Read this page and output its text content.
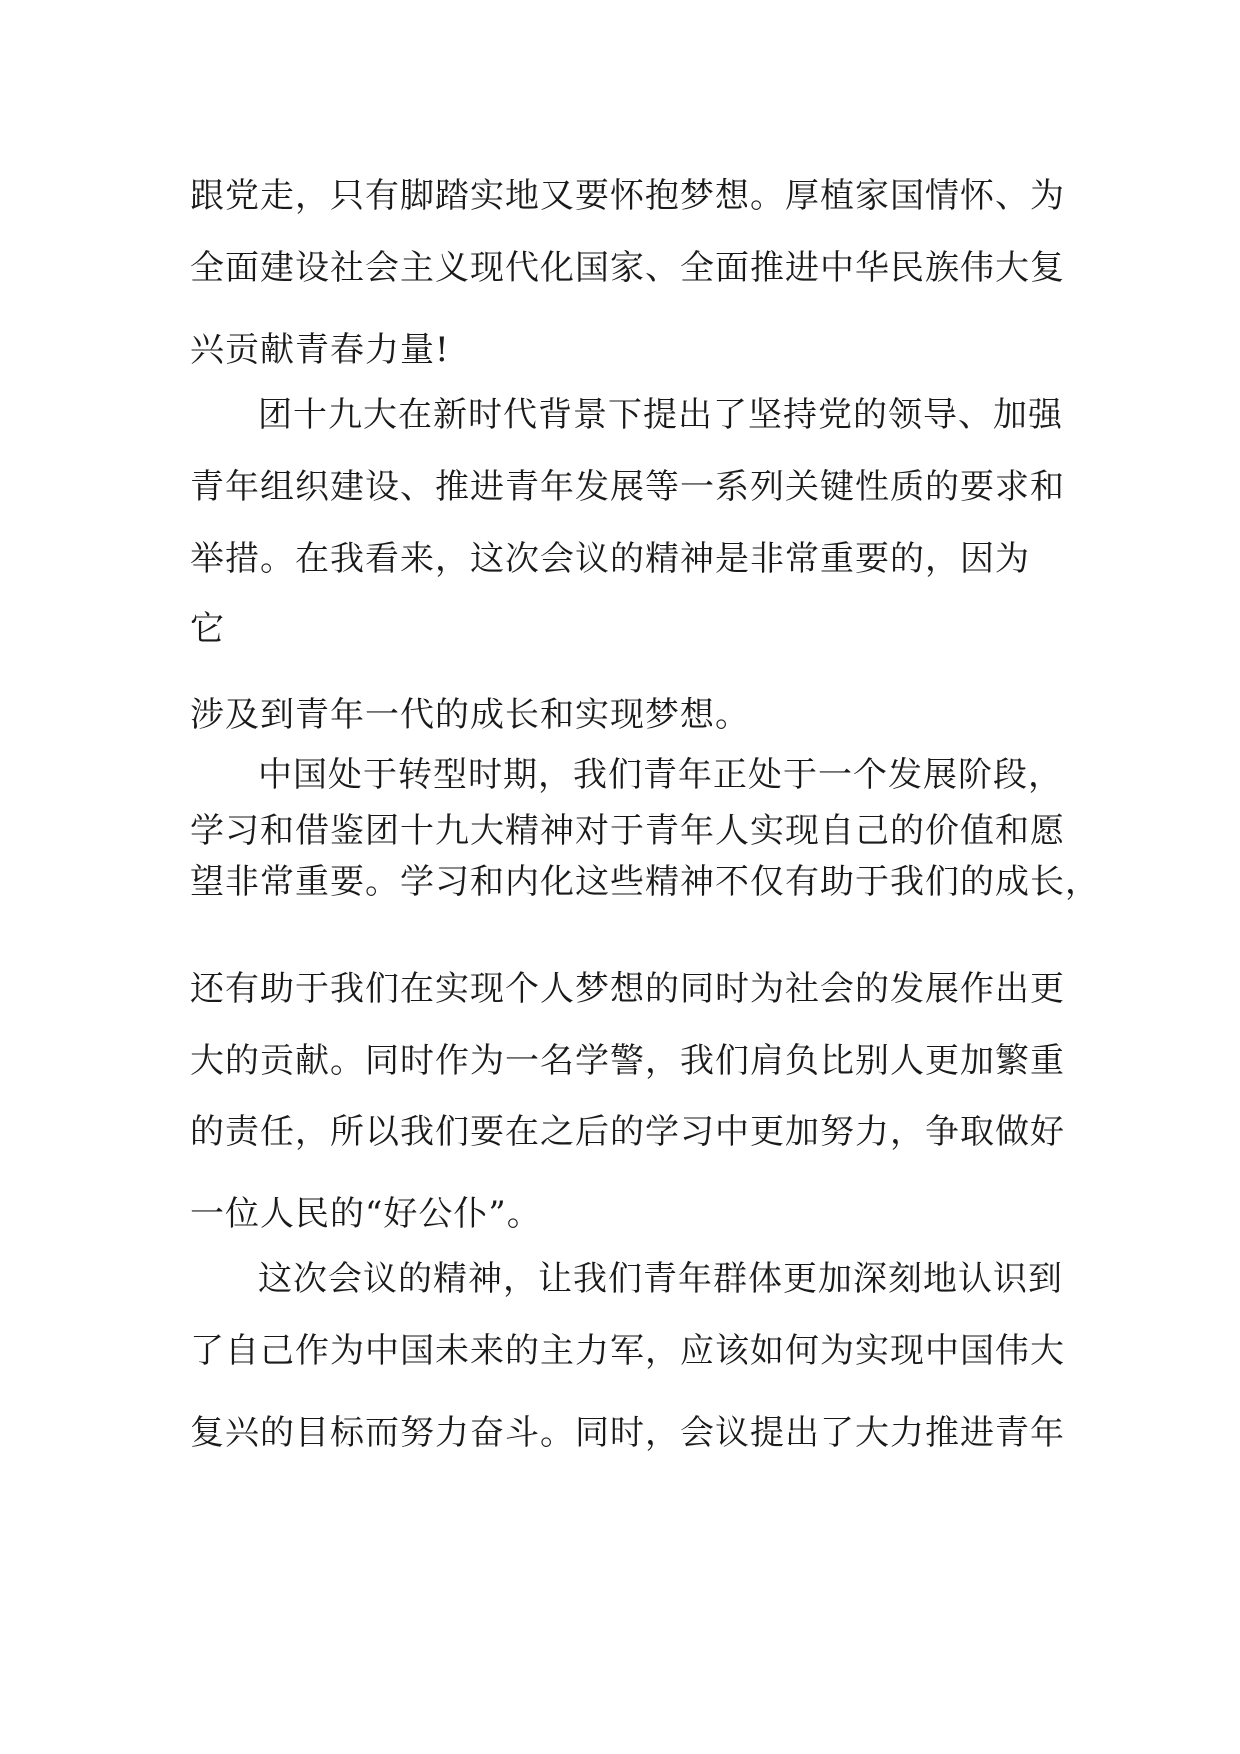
跟党走，只有脚踏实地又要怀抱梦想。厚植家国情怀、为
全面建设社会主义现代化国家、全面推进中华民族伟大复
兴贡献青春力量!
团十九大在新时代背景下提出了坚持党的领导、加强
青年组织建设、推进青年发展等一系列关键性质的要求和
举措。在我看来，这次会议的精神是非常重要的，因为
它
涉及到青年一代的成长和实现梦想。
中国处于转型时期，我们青年正处于一个发展阶段，
学习和借鉴团十九大精神对于青年人实现自己的价值和愿
望非常重要。学习和内化这些精神不仅有助于我们的成长，
还有助于我们在实现个人梦想的同时为社会的发展作出更
大的贡献。同时作为一名学警，我们肩负比别人更加繁重
的责任，所以我们要在之后的学习中更加努力，争取做好
一位人民的“好公仆”。
这次会议的精神，让我们青年群体更加深刻地认识到
了自己作为中国未来的主力军，应该如何为实现中国伟大
复兴的目标而努力奋斗。同时，会议提出了大力推进青年
